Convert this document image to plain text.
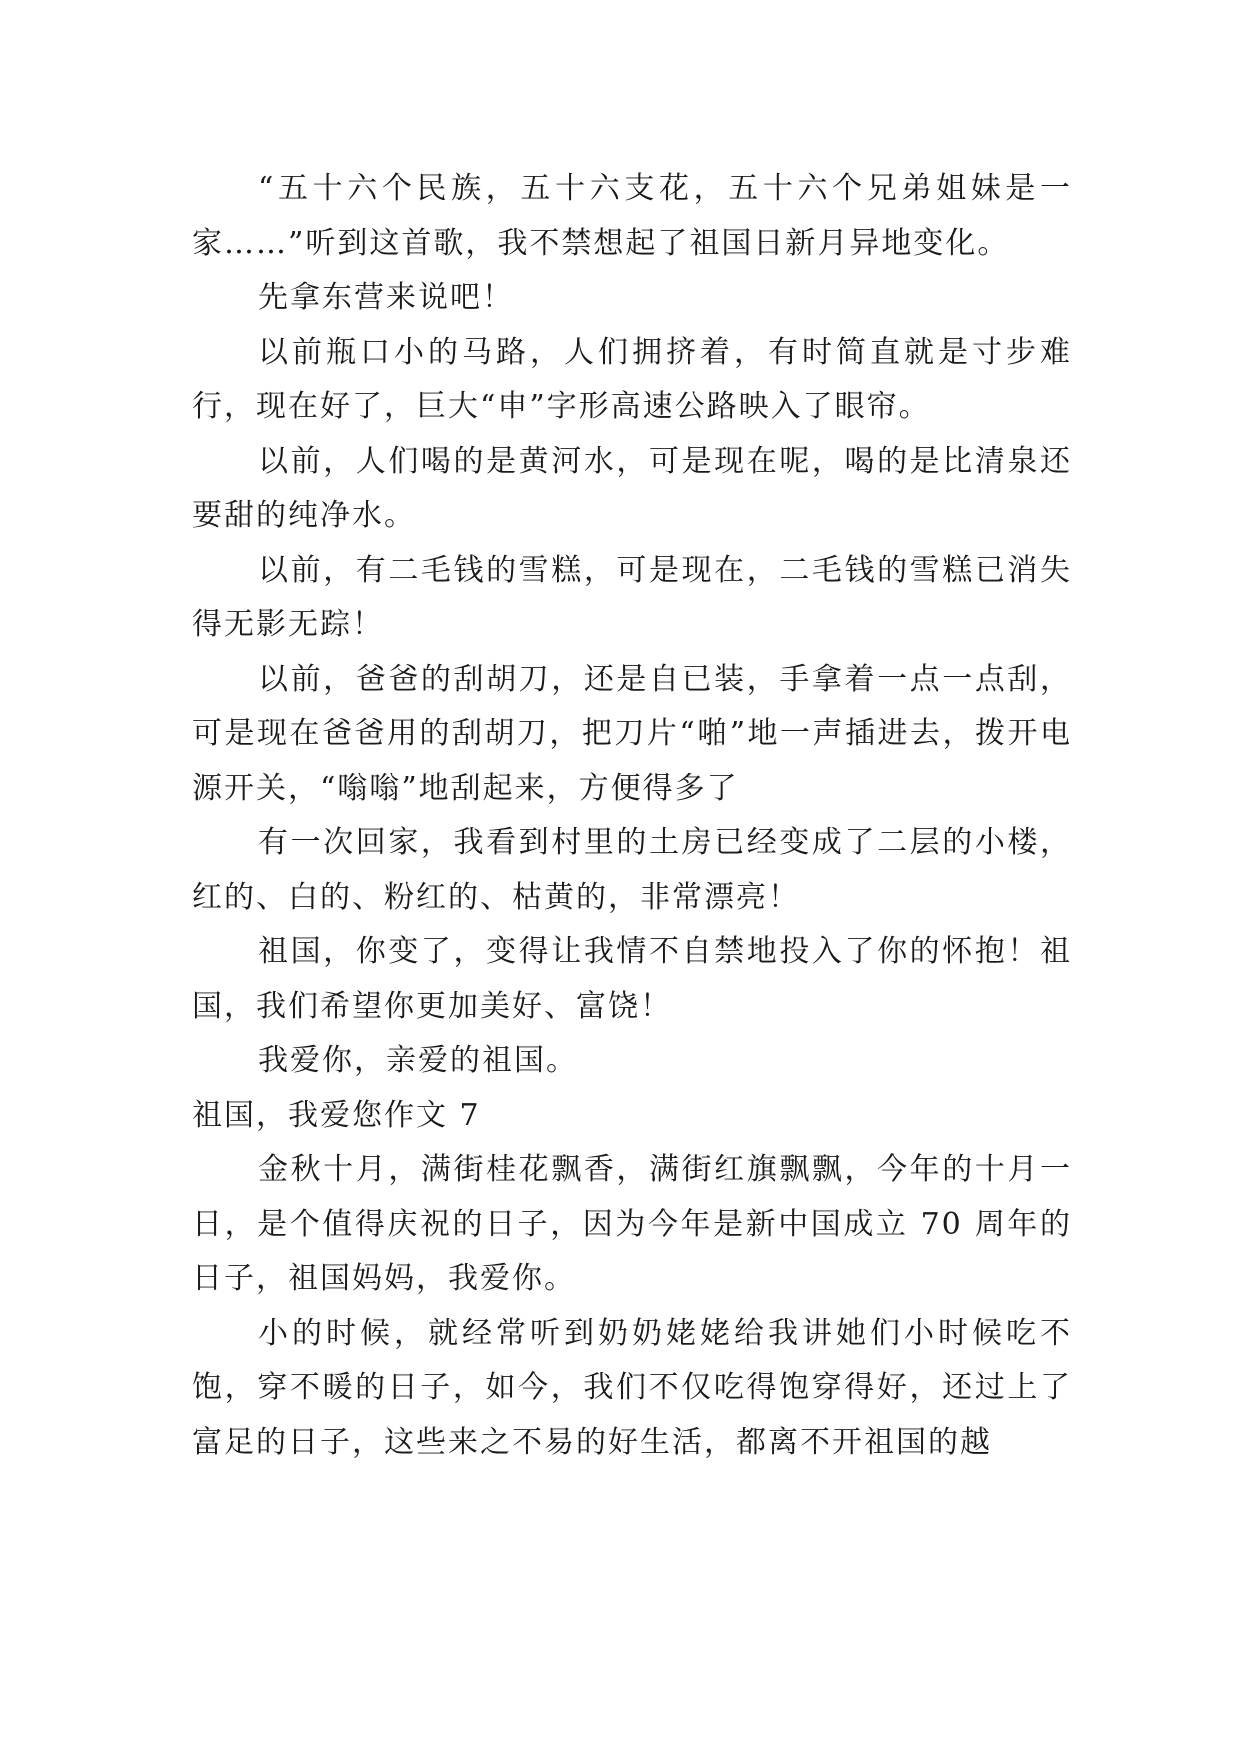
“五十六个民族，五十六支花，五十六个兄弟姐妹是一家……”听到这首歌，我不禁想起了祖国日新月异地变化。

先拿东营来说吧！

以前瓶口小的马路，人们拥挤着，有时简直就是寸步难行，现在好了，巨大“申”字形高速公路映入了眼帘。

以前，人们喝的是黄河水，可是现在呢，喝的是比清泉还要甜的纯净水。

以前，有二毛钱的雪糕，可是现在，二毛钱的雪糕已消失得无影无踪！

以前，爸爸的刮胡刀，还是自已装，手拿着一点一点刮，可是现在爸爸用的刮胡刀，把刀片“啪”地一声插进去，拨开电源开关，“嗡嗡”地刮起来，方便得多了

有一次回家，我看到村里的土房已经变成了二层的小楼，红的、白的、粉红的、枯黄的，非常漂亮！

祖国，你变了，变得让我情不自禁地投入了你的怀抱！祖国，我们希望你更加美好、富饶！

我爱你，亲爱的祖国。

祖国，我爱您作文 7

金秋十月，满街桂花飘香，满街红旗飘飘，今年的十月一日，是个值得庆祝的日子，因为今年是新中国成立 70 周年的日子，祖国妈妈，我爱你。

小的时候，就经常听到奶奶姥姥给我讲她们小时候吃不饱，穿不暖的日子，如今，我们不仅吃得饱穿得好，还过上了富足的日子，这些来之不易的好生活，都离不开祖国的越
